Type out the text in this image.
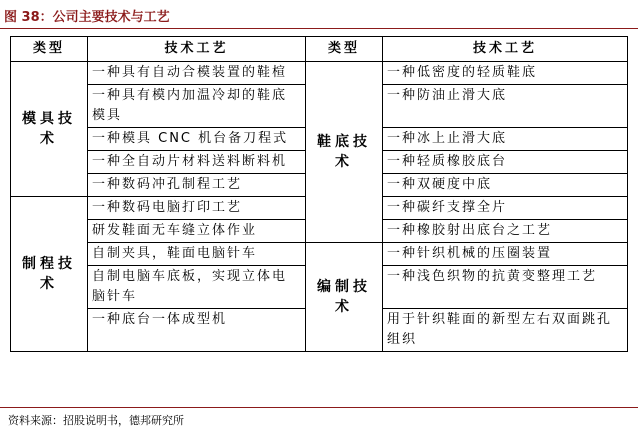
图 38：公司主要技术与工艺
类型	技术工艺	类型	技术工艺
模具技术	一种具有自动合模装置的鞋楦	鞋底技术	一种低密度的轻质鞋底
	一种具有模内加温冷却的鞋底模具		一种防油止滑大底
	一种模具 CNC 机台备刀程式		一种冰上止滑大底
	一种全自动片材料送料断料机		一种轻质橡胶底台
	一种数码冲孔制程工艺		一种双硬度中底
制程技术	一种数码电脑打印工艺		一种碳纤支撑全片
	研发鞋面无车缝立体作业		一种橡胶射出底台之工艺
	自制夹具，鞋面电脑针车	编制技术	一种针织机械的压圈装置
	自制电脑车底板，实现立体电脑针车		一种浅色织物的抗黄变整理工艺
	一种底台一体成型机		用于针织鞋面的新型左右双面跳孔组织
资料来源：招股说明书，德邦研究所
